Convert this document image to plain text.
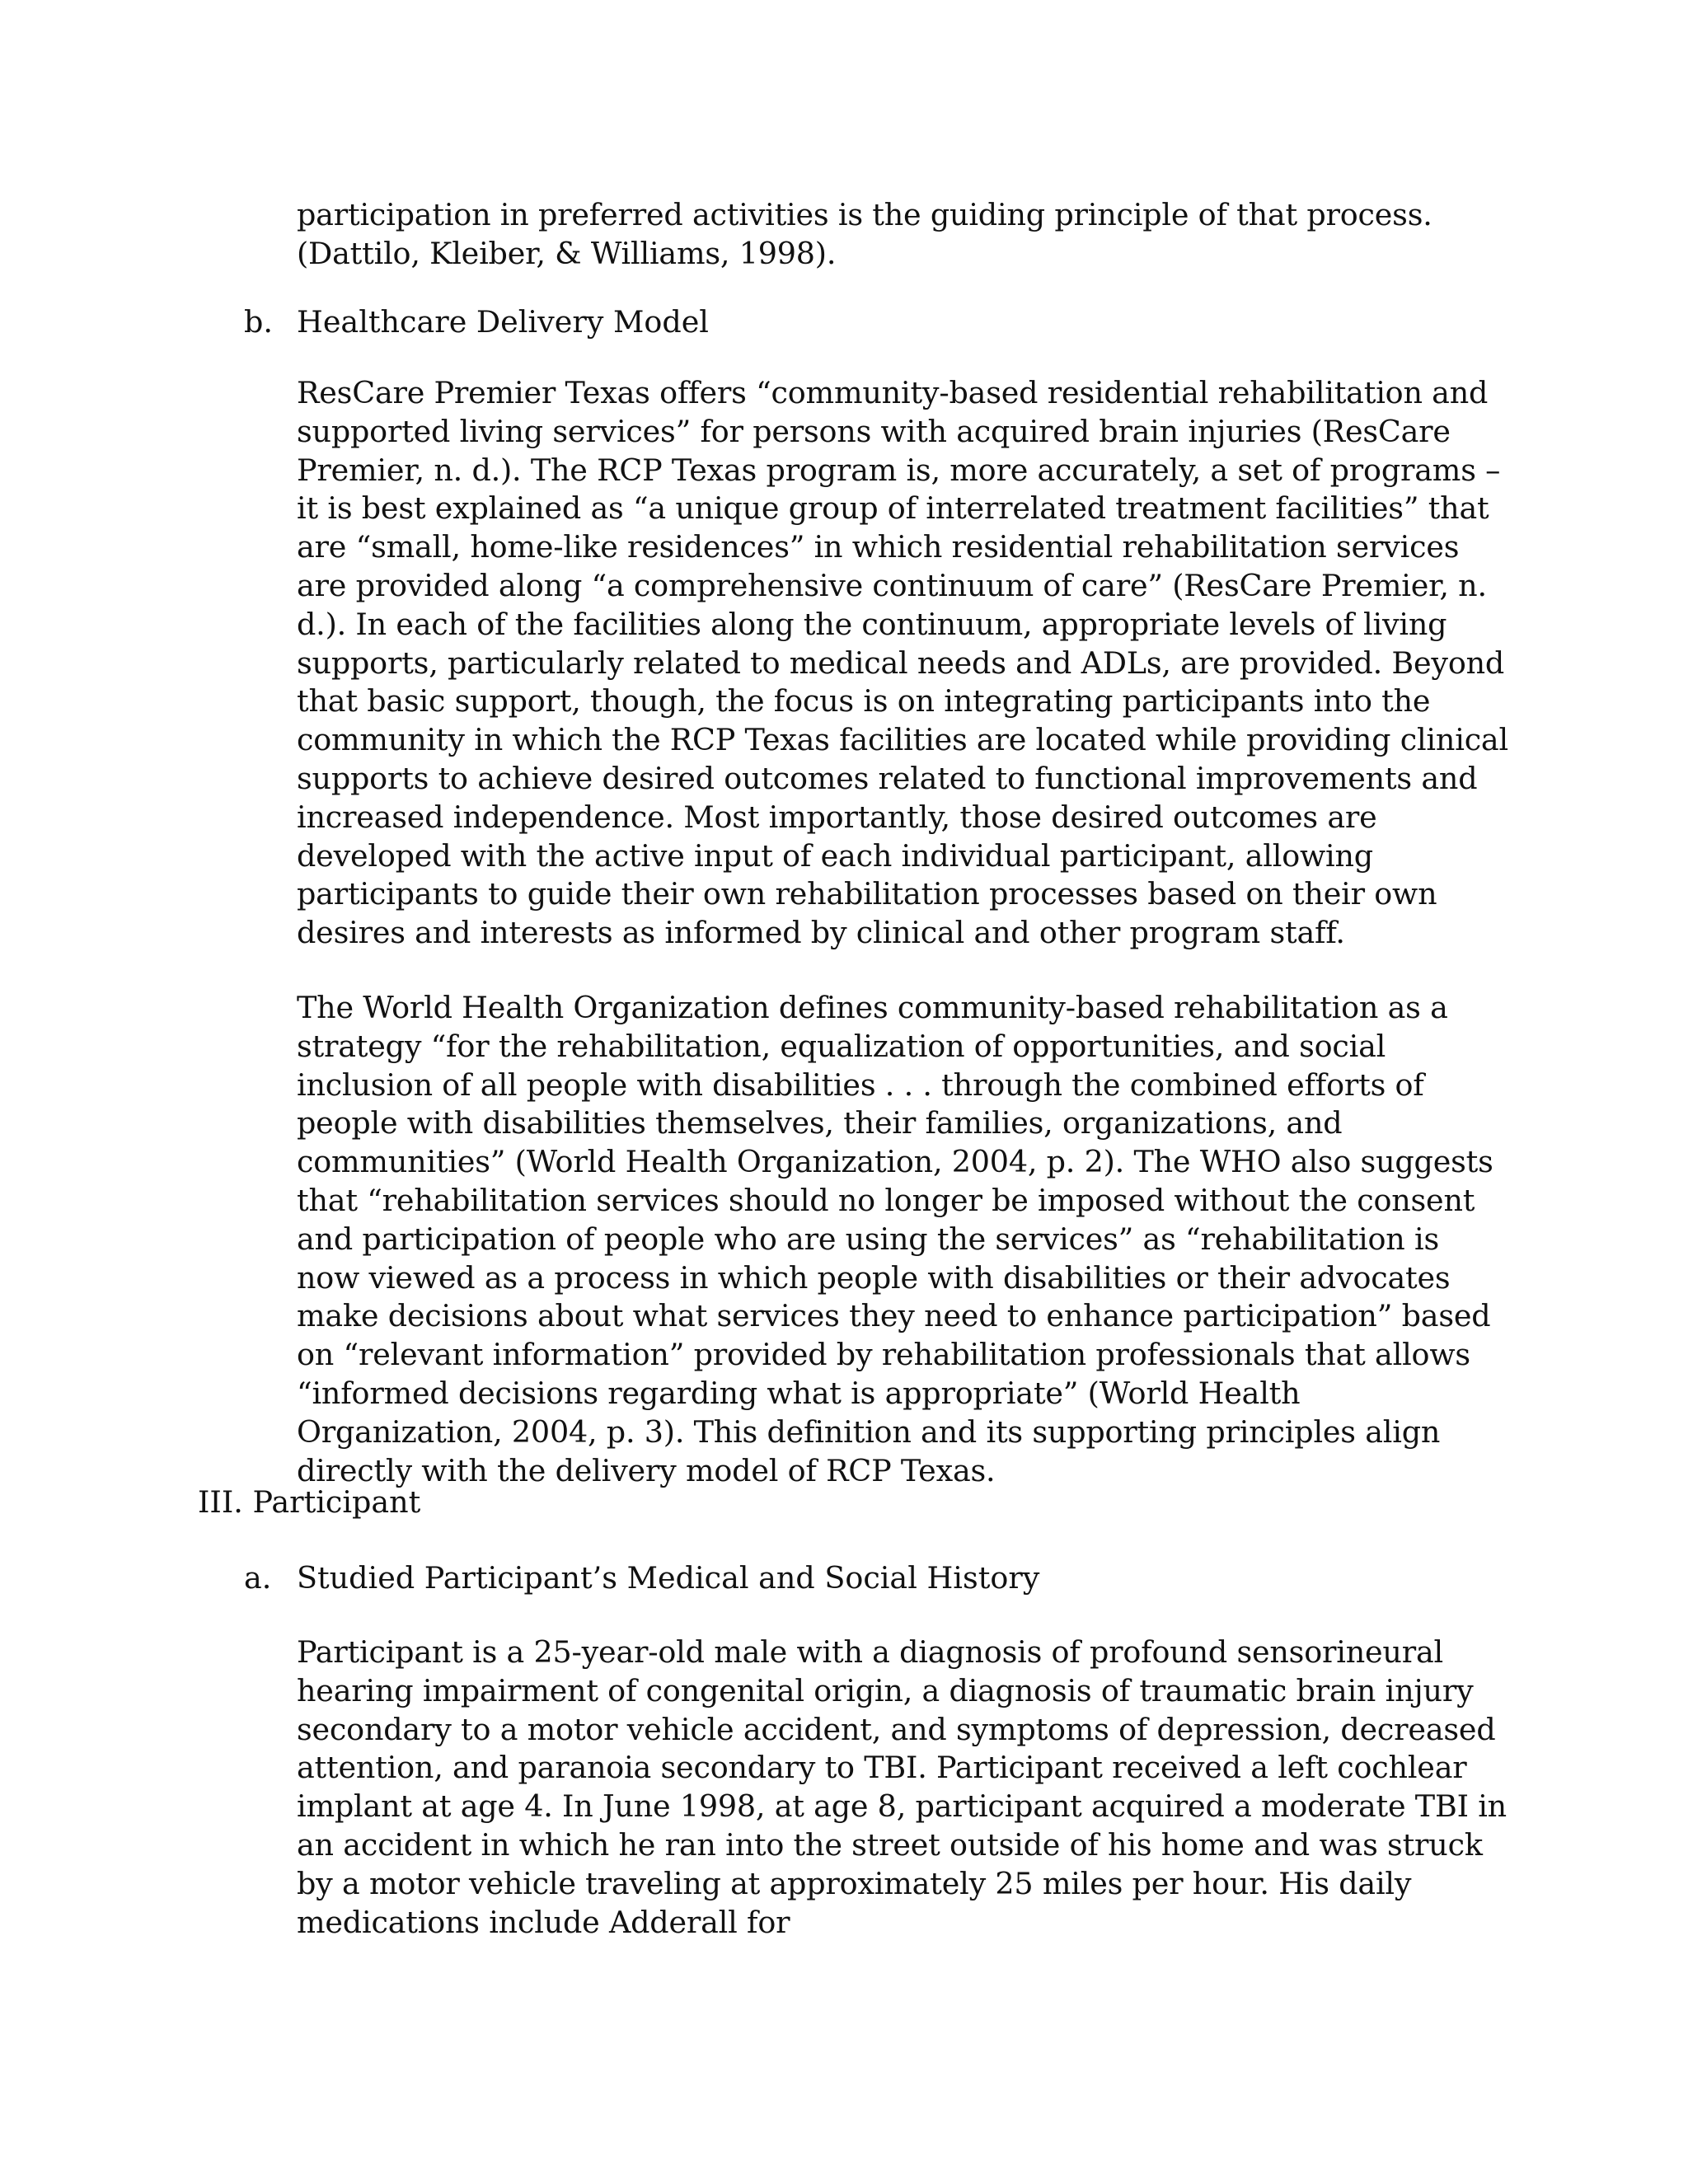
participation in preferred activities is the guiding principle of that process. (Dattilo, Kleiber, & Williams, 1998).

b. Healthcare Delivery Model

ResCare Premier Texas offers “community-based residential rehabilitation and supported living services” for persons with acquired brain injuries (ResCare Premier, n. d.). The RCP Texas program is, more accurately, a set of programs – it is best explained as “a unique group of interrelated treatment facilities” that are “small, home-like residences” in which residential rehabilitation services are provided along “a comprehensive continuum of care” (ResCare Premier, n. d.). In each of the facilities along the continuum, appropriate levels of living supports, particularly related to medical needs and ADLs, are provided. Beyond that basic support, though, the focus is on integrating participants into the community in which the RCP Texas facilities are located while providing clinical supports to achieve desired outcomes related to functional improvements and increased independence. Most importantly, those desired outcomes are developed with the active input of each individual participant, allowing participants to guide their own rehabilitation processes based on their own desires and interests as informed by clinical and other program staff.

The World Health Organization defines community-based rehabilitation as a strategy “for the rehabilitation, equalization of opportunities, and social inclusion of all people with disabilities . . . through the combined efforts of people with disabilities themselves, their families, organizations, and communities” (World Health Organization, 2004, p. 2). The WHO also suggests that “rehabilitation services should no longer be imposed without the consent and participation of people who are using the services” as “rehabilitation is now viewed as a process in which people with disabilities or their advocates make decisions about what services they need to enhance participation” based on “relevant information” provided by rehabilitation professionals that allows “informed decisions regarding what is appropriate” (World Health Organization, 2004, p. 3). This definition and its supporting principles align directly with the delivery model of RCP Texas.

III. Participant

a. Studied Participant’s Medical and Social History

Participant is a 25-year-old male with a diagnosis of profound sensorineural hearing impairment of congenital origin, a diagnosis of traumatic brain injury secondary to a motor vehicle accident, and symptoms of depression, decreased attention, and paranoia secondary to TBI. Participant received a left cochlear implant at age 4. In June 1998, at age 8, participant acquired a moderate TBI in an accident in which he ran into the street outside of his home and was struck by a motor vehicle traveling at approximately 25 miles per hour. His daily medications include Adderall for
